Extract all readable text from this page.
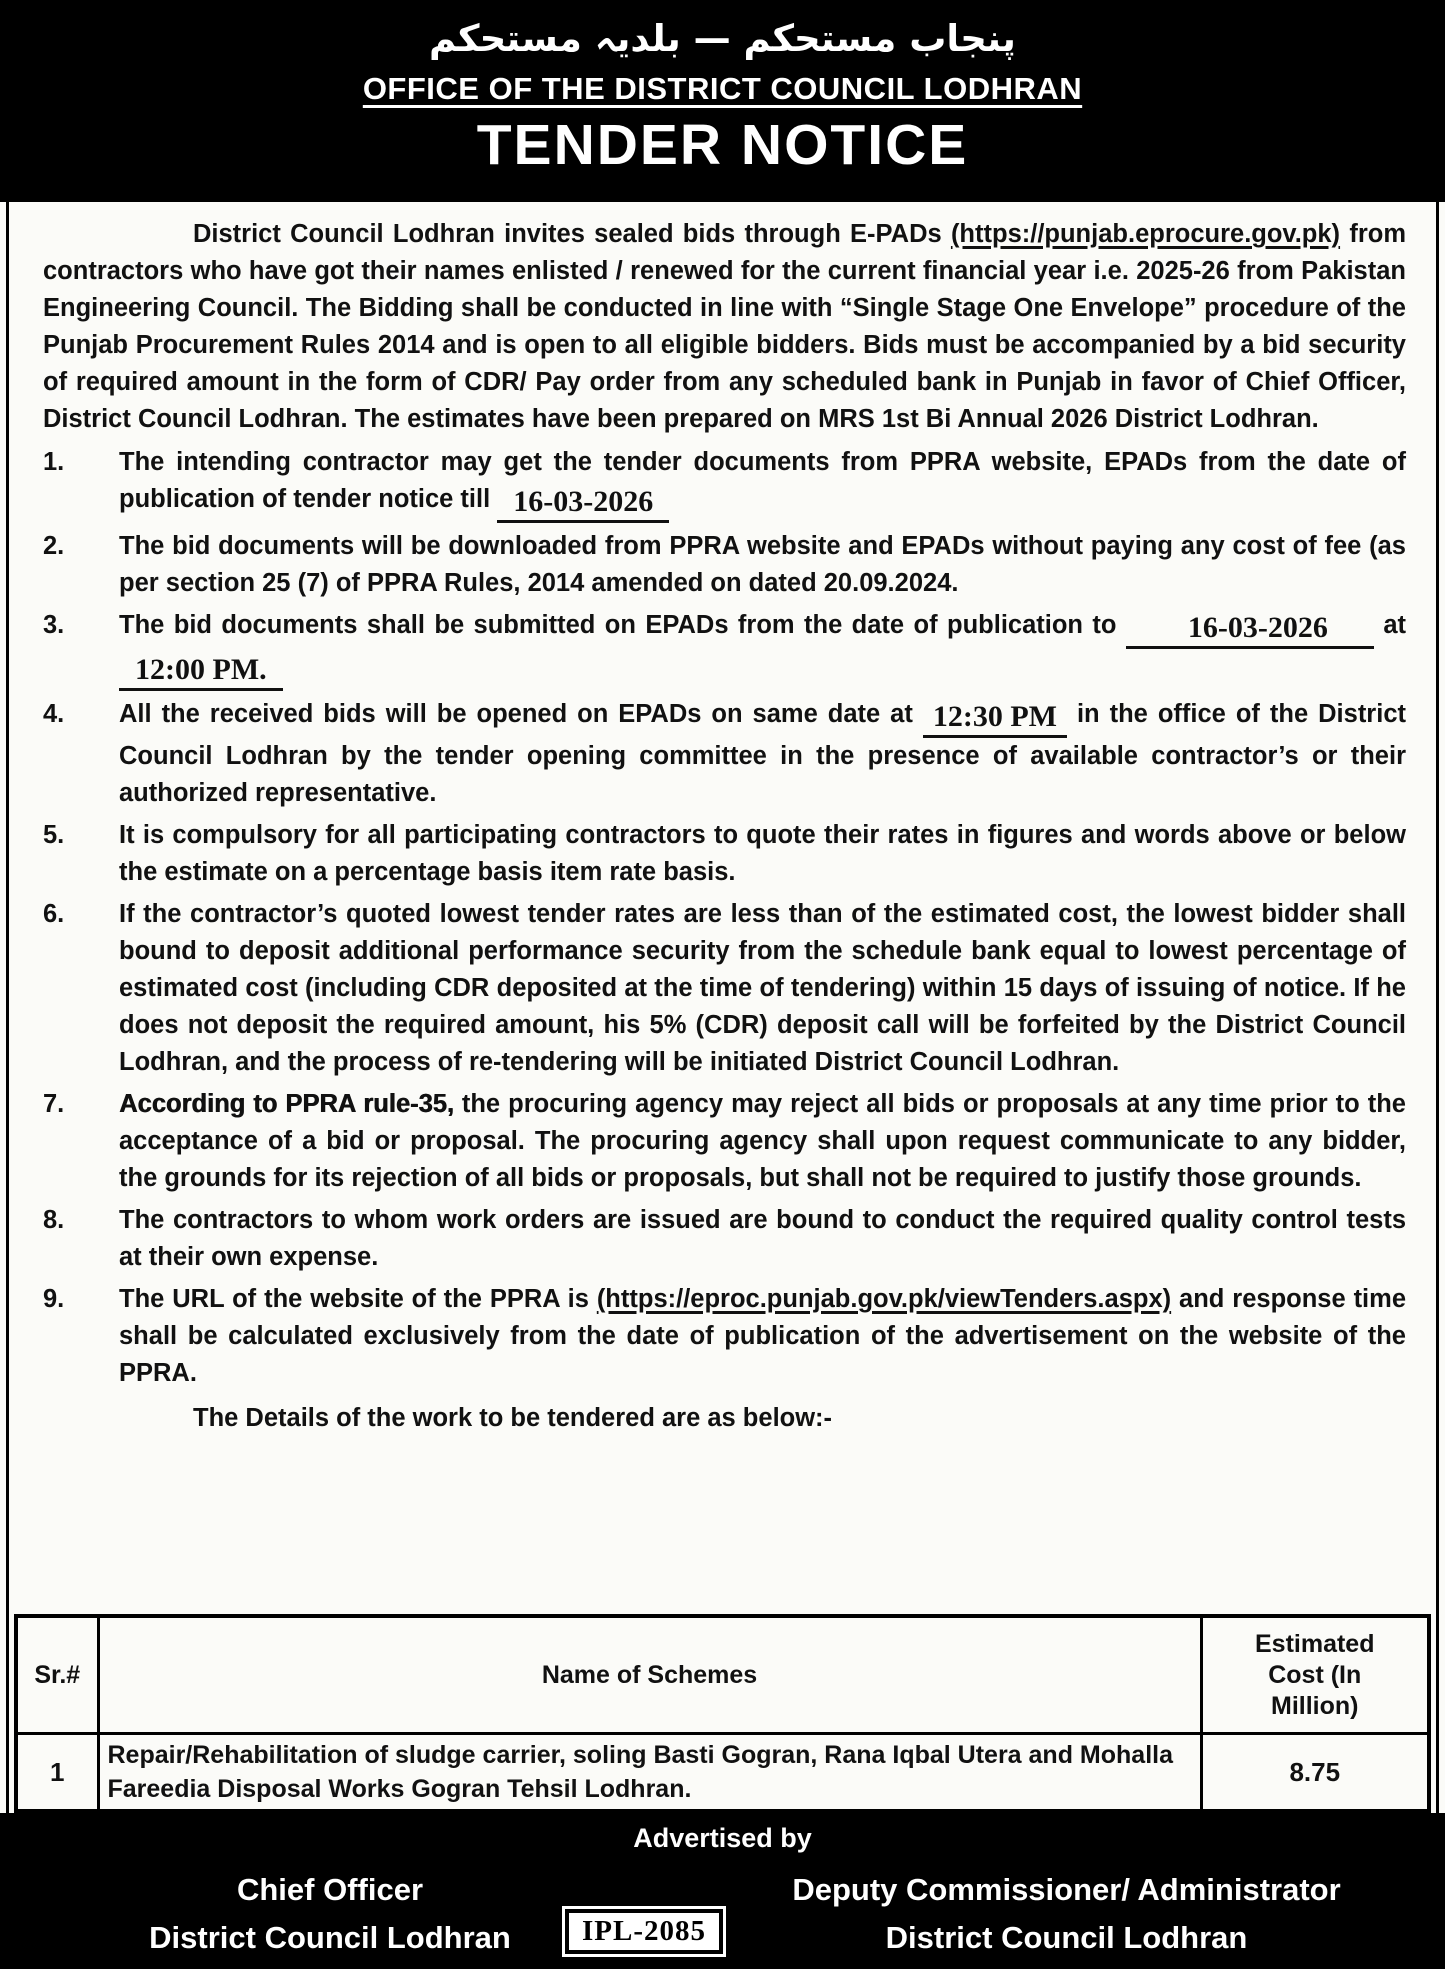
پنجاب مستحکم — بلدیہ مستحکم
OFFICE OF THE DISTRICT COUNCIL LODHRAN
TENDER NOTICE

District Council Lodhran invites sealed bids through E-PADs (https://punjab.eprocure.gov.pk) from contractors who have got their names enlisted / renewed for the current financial year i.e. 2025-26 from Pakistan Engineering Council. The Bidding shall be conducted in line with “Single Stage One Envelope” procedure of the Punjab Procurement Rules 2014 and is open to all eligible bidders. Bids must be accompanied by a bid security of required amount in the form of CDR/ Pay order from any scheduled bank in Punjab in favor of Chief Officer, District Council Lodhran. The estimates have been prepared on MRS 1st Bi Annual 2026 District Lodhran.

1.	The intending contractor may get the tender documents from PPRA website, EPADs from the date of publication of tender notice till 16-03-2026
2.	The bid documents will be downloaded from PPRA website and EPADs without paying any cost of fee (as per section 25 (7) of PPRA Rules, 2014 amended on dated 20.09.2024.
3.	The bid documents shall be submitted on EPADs from the date of publication to 16-03-2026 at 12:00 PM.
4.	All the received bids will be opened on EPADs on same date at 12:30 PM in the office of the District Council Lodhran by the tender opening committee in the presence of available contractor’s or their authorized representative.
5.	It is compulsory for all participating contractors to quote their rates in figures and words above or below the estimate on a percentage basis item rate basis.
6.	If the contractor’s quoted lowest tender rates are less than of the estimated cost, the lowest bidder shall bound to deposit additional performance security from the schedule bank equal to lowest percentage of estimated cost (including CDR deposited at the time of tendering) within 15 days of issuing of notice. If he does not deposit the required amount, his 5% (CDR) deposit call will be forfeited by the District Council Lodhran, and the process of re-tendering will be initiated District Council Lodhran.
7.	According to PPRA rule-35, the procuring agency may reject all bids or proposals at any time prior to the acceptance of a bid or proposal. The procuring agency shall upon request communicate to any bidder, the grounds for its rejection of all bids or proposals, but shall not be required to justify those grounds.
8.	The contractors to whom work orders are issued are bound to conduct the required quality control tests at their own expense.
9.	The URL of the website of the PPRA is (https://eproc.punjab.gov.pk/viewTenders.aspx) and response time shall be calculated exclusively from the date of publication of the advertisement on the website of the PPRA.

The Details of the work to be tendered are as below:-

Sr.#	Name of Schemes	Estimated Cost (In Million)
1	Repair/Rehabilitation of sludge carrier, soling Basti Gogran, Rana Iqbal Utera and Mohalla Fareedia Disposal Works Gogran Tehsil Lodhran.	8.75
Advertised by
Chief Officer
District Council Lodhran	IPL-2085
Deputy Commissioner/ Administrator
District Council Lodhran
